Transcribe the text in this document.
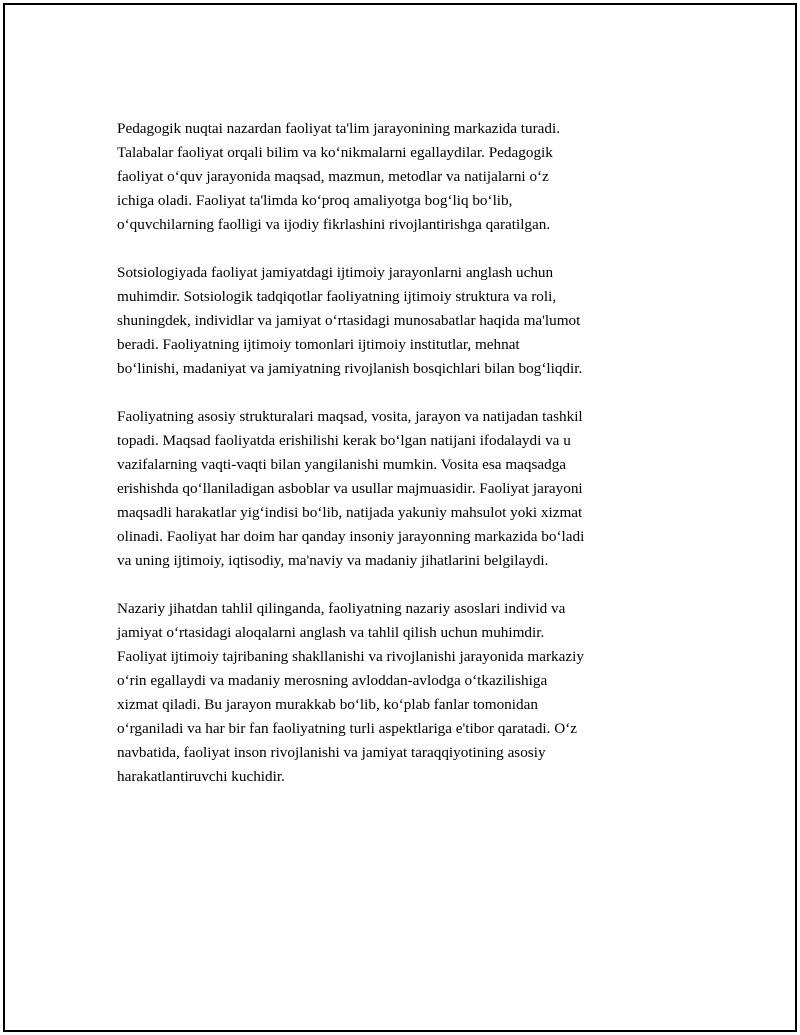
Pedagogik nuqtai nazardan faoliyat ta'lim jarayonining markazida turadi.
Talabalar faoliyat orqali bilim va ko‘nikmalarni egallaydilar. Pedagogik
faoliyat o‘quv jarayonida maqsad, mazmun, metodlar va natijalarni o‘z
ichiga oladi. Faoliyat ta'limda ko‘proq amaliyotga bog‘liq bo‘lib,
o‘quvchilarning faolligi va ijodiy fikrlashini rivojlantirishga qaratilgan.

Sotsiologiyada faoliyat jamiyatdagi ijtimoiy jarayonlarni anglash uchun
muhimdir. Sotsiologik tadqiqotlar faoliyatning ijtimoiy struktura va roli,
shuningdek, individlar va jamiyat o‘rtasidagi munosabatlar haqida ma'lumot
beradi. Faoliyatning ijtimoiy tomonlari ijtimoiy institutlar, mehnat
bo‘linishi, madaniyat va jamiyatning rivojlanish bosqichlari bilan bog‘liqdir.

Faoliyatning asosiy strukturalari maqsad, vosita, jarayon va natijadan tashkil
topadi. Maqsad faoliyatda erishilishi kerak bo‘lgan natijani ifodalaydi va u
vazifalarning vaqti-vaqti bilan yangilanishi mumkin. Vosita esa maqsadga
erishishda qo‘llaniladigan asboblar va usullar majmuasidir. Faoliyat jarayoni
maqsadli harakatlar yig‘indisi bo‘lib, natijada yakuniy mahsulot yoki xizmat
olinadi. Faoliyat har doim har qanday insoniy jarayonning markazida bo‘ladi
va uning ijtimoiy, iqtisodiy, ma'naviy va madaniy jihatlarini belgilaydi.

Nazariy jihatdan tahlil qilinganda, faoliyatning nazariy asoslari individ va
jamiyat o‘rtasidagi aloqalarni anglash va tahlil qilish uchun muhimdir.
Faoliyat ijtimoiy tajribaning shakllanishi va rivojlanishi jarayonida markaziy
o‘rin egallaydi va madaniy merosning avloddan-avlodga o‘tkazilishiga
xizmat qiladi. Bu jarayon murakkab bo‘lib, ko‘plab fanlar tomonidan
o‘rganiladi va har bir fan faoliyatning turli aspektlariga e'tibor qaratadi. O‘z
navbatida, faoliyat inson rivojlanishi va jamiyat taraqqiyotining asosiy
harakatlantiruvchi kuchidir.
